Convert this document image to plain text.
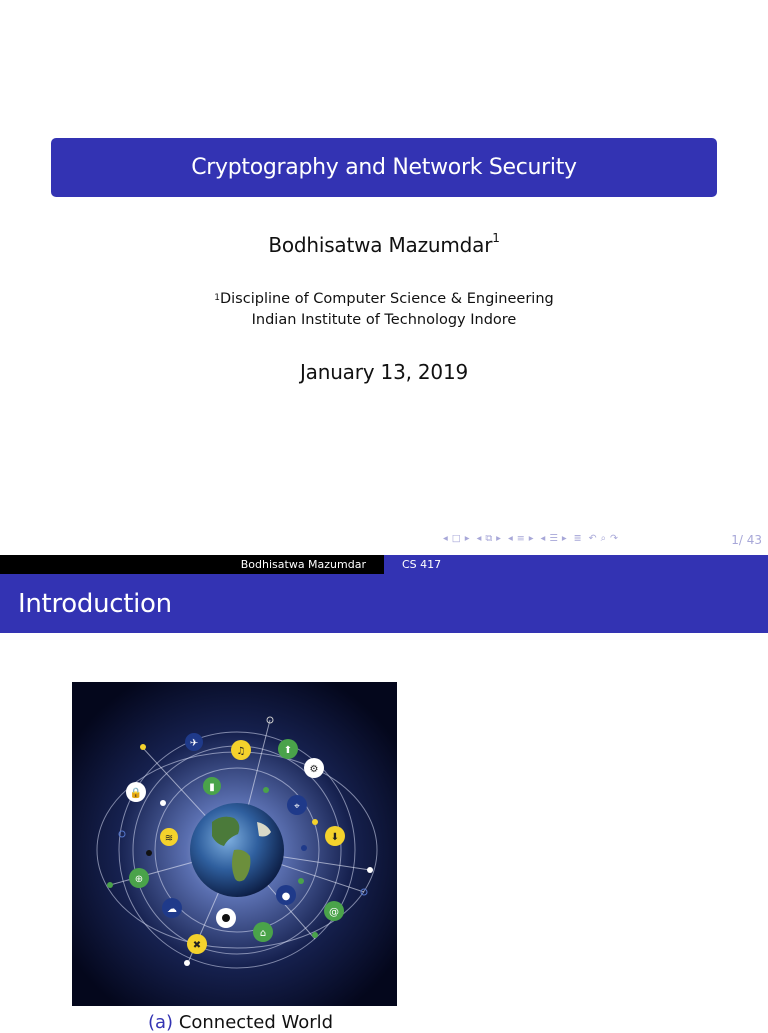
Cryptography and Network Security
Bodhisatwa Mazumdar$^1$
$^1$Discipline of Computer Science & Engineering
Indian Institute of Technology Indore
January 13, 2019
◂ □ ▸ ◂ ⧉ ▸ ◂ ≡ ▸ ◂ ☰ ▸ ≣ ↶ ⌕ ↷	1/ 43
Bodhisatwa Mazumdar	CS 417
Introduction
✈
♫	⬆
⚙
▮
🔒
⌖
⬇
≋
⊕
●
☁	@
⌂
✖
(a) Connected World
